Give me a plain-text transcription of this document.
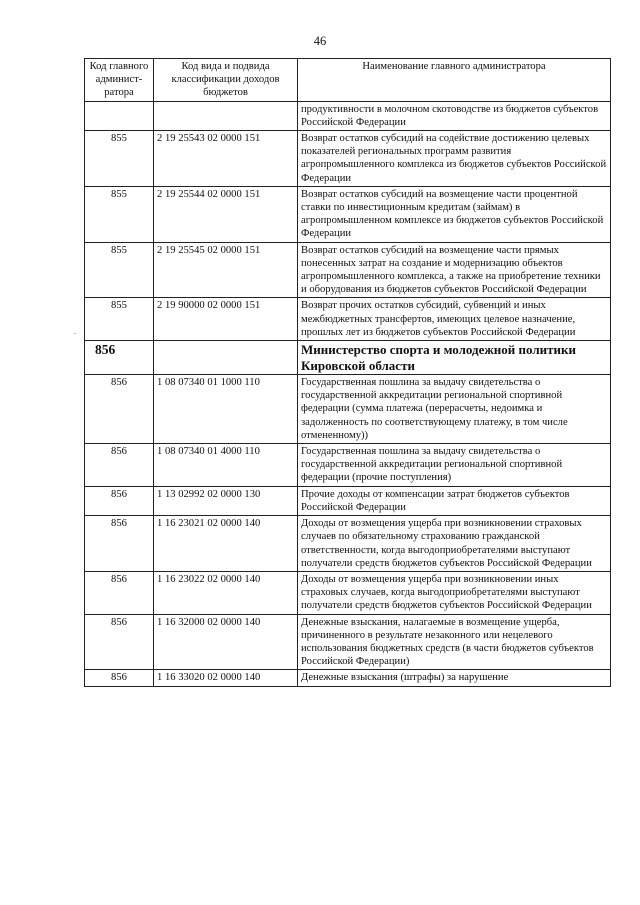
46
Код главного админист-ратора	Код вида и подвида классификации доходов бюджетов	Наименование главного администратора
		продуктивности в молочном скотоводстве из бюджетов субъектов Российской Федерации
855	2 19 25543 02 0000 151	Возврат остатков субсидий на содействие достижению целевых показателей региональных программ развития агропромышленного комплекса из бюджетов субъектов Российской Федерации
855	2 19 25544 02 0000 151	Возврат остатков субсидий на возмещение части процентной ставки по инвестиционным кредитам (займам) в агропромышленном комплексе из бюджетов субъектов Российской Федерации
855	2 19 25545 02 0000 151	Возврат остатков субсидий на возмещение части прямых понесенных затрат на создание и модернизацию объектов агропромышленного комплекса, а также на приобретение техники и оборудования из бюджетов субъектов Российской Федерации
855	2 19 90000 02 0000 151	Возврат прочих остатков субсидий, субвенций и иных межбюджетных трансфертов, имеющих целевое назначение, прошлых лет из бюджетов субъектов Российской Федерации
856		Министерство спорта и молодежной политики Кировской области
856	1 08 07340 01 1000 110	Государственная пошлина за выдачу свидетельства о государственной аккредитации региональной спортивной федерации (сумма платежа (перерасчеты, недоимка и задолженность по соответствующему платежу, в том числе отмененному))
856	1 08 07340 01 4000 110	Государственная пошлина за выдачу свидетельства о государственной аккредитации региональной спортивной федерации (прочие поступления)
856	1 13 02992 02 0000 130	Прочие доходы от компенсации затрат бюджетов субъектов Российской Федерации
856	1 16 23021 02 0000 140	Доходы от возмещения ущерба при возникновении страховых случаев по обязательному страхованию гражданской ответственности, когда выгодоприобретателями выступают получатели средств бюджетов субъектов Российской Федерации
856	1 16 23022 02 0000 140	Доходы от возмещения ущерба при возникновении иных страховых случаев, когда выгодоприобретателями выступают получатели средств бюджетов субъектов Российской Федерации
856	1 16 32000 02 0000 140	Денежные взыскания, налагаемые в возмещение ущерба, причиненного в результате незаконного или нецелевого использования бюджетных средств (в части бюджетов субъектов Российской Федерации)
856	1 16 33020 02 0000 140	Денежные взыскания (штрафы) за нарушение
.
